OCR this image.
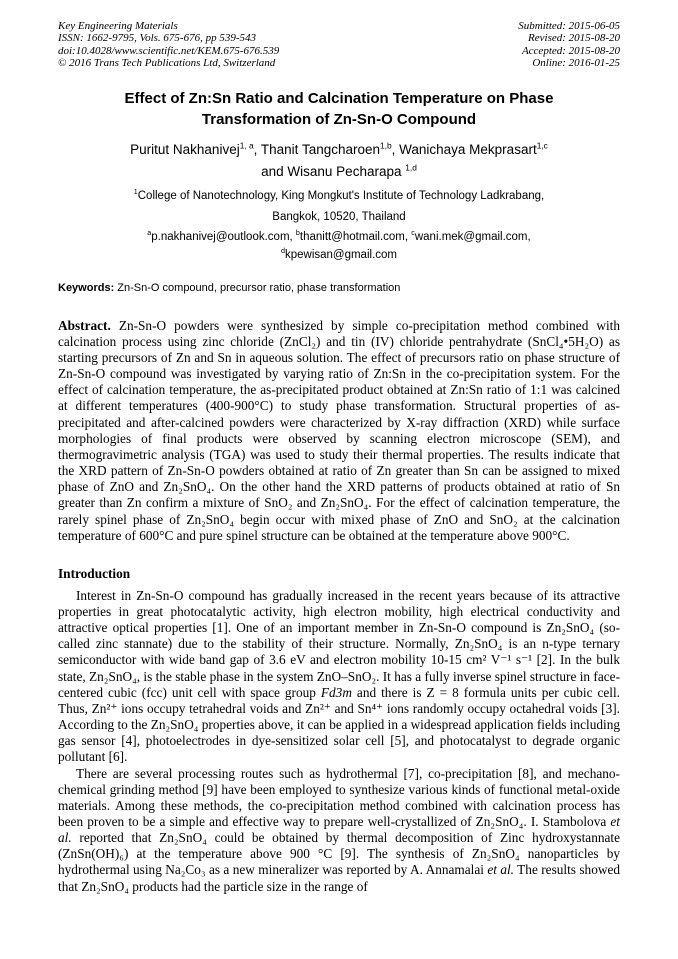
Key Engineering Materials
ISSN: 1662-9795, Vols. 675-676, pp 539-543
doi:10.4028/www.scientific.net/KEM.675-676.539
© 2016 Trans Tech Publications Ltd, Switzerland
Submitted: 2015-06-05
Revised: 2015-08-20
Accepted: 2015-08-20
Online: 2016-01-25
Effect of Zn:Sn Ratio and Calcination Temperature on Phase Transformation of Zn-Sn-O Compound
Puritut Nakhanivej$^{1, a}$, Thanit Tangcharoen$^{1,b}$, Wanichaya Mekprasart$^{1,c}$
and Wisanu Pecharapa $^{1,d}$
$^1$College of Nanotechnology, King Mongkut's Institute of Technology Ladkrabang,
Bangkok, 10520, Thailand
$^a$p.nakhanivej@outlook.com, $^b$thanitt@hotmail.com, $^c$wani.mek@gmail.com,
$^d$kpewisan@gmail.com
Keywords: Zn-Sn-O compound, precursor ratio, phase transformation

Abstract. Zn-Sn-O powders were synthesized by simple co-precipitation method combined with calcination process using zinc chloride (ZnCl₂) and tin (IV) chloride pentrahydrate (SnCl₄•5H₂O) as starting precursors of Zn and Sn in aqueous solution. The effect of precursors ratio on phase structure of Zn-Sn-O compound was investigated by varying ratio of Zn:Sn in the co-precipitation system. For the effect of calcination temperature, the as-precipitated product obtained at Zn:Sn ratio of 1:1 was calcined at different temperatures (400-900°C) to study phase transformation. Structural properties of as-precipitated and after-calcined powders were characterized by X-ray diffraction (XRD) while surface morphologies of final products were observed by scanning electron microscope (SEM), and thermogravimetric analysis (TGA) was used to study their thermal properties. The results indicate that the XRD pattern of Zn-Sn-O powders obtained at ratio of Zn greater than Sn can be assigned to mixed phase of ZnO and Zn₂SnO₄. On the other hand the XRD patterns of products obtained at ratio of Sn greater than Zn confirm a mixture of SnO₂ and Zn₂SnO₄. For the effect of calcination temperature, the rarely spinel phase of Zn₂SnO₄ begin occur with mixed phase of ZnO and SnO₂ at the calcination temperature of 600°C and pure spinel structure can be obtained at the temperature above 900°C.

Introduction

Interest in Zn-Sn-O compound has gradually increased in the recent years because of its attractive properties in great photocatalytic activity, high electron mobility, high electrical conductivity and attractive optical properties [1]. One of an important member in Zn-Sn-O compound is Zn₂SnO₄ (so-called zinc stannate) due to the stability of their structure. Normally, Zn₂SnO₄ is an n-type ternary semiconductor with wide band gap of 3.6 eV and electron mobility 10-15 cm² V⁻¹ s⁻¹ [2]. In the bulk state, Zn₂SnO₄, is the stable phase in the system ZnO–SnO₂. It has a fully inverse spinel structure in face-centered cubic (fcc) unit cell with space group Fd3m and there is Z = 8 formula units per cubic cell. Thus, Zn²⁺ ions occupy tetrahedral voids and Zn²⁺ and Sn⁴⁺ ions randomly occupy octahedral voids [3]. According to the Zn₂SnO₄ properties above, it can be applied in a widespread application fields including gas sensor [4], photoelectrodes in dye-sensitized solar cell [5], and photocatalyst to degrade organic pollutant [6].

There are several processing routes such as hydrothermal [7], co-precipitation [8], and mechano-chemical grinding method [9] have been employed to synthesize various kinds of functional metal-oxide materials. Among these methods, the co-precipitation method combined with calcination process has been proven to be a simple and effective way to prepare well-crystallized of Zn₂SnO₄. I. Stambolova et al. reported that Zn₂SnO₄ could be obtained by thermal decomposition of Zinc hydroxystannate (ZnSn(OH)₆) at the temperature above 900 °C [9]. The synthesis of Zn₂SnO₄ nanoparticles by hydrothermal using Na₂Co₃ as a new mineralizer was reported by A. Annamalai et al. The results showed that Zn₂SnO₄ products had the particle size in the range of
